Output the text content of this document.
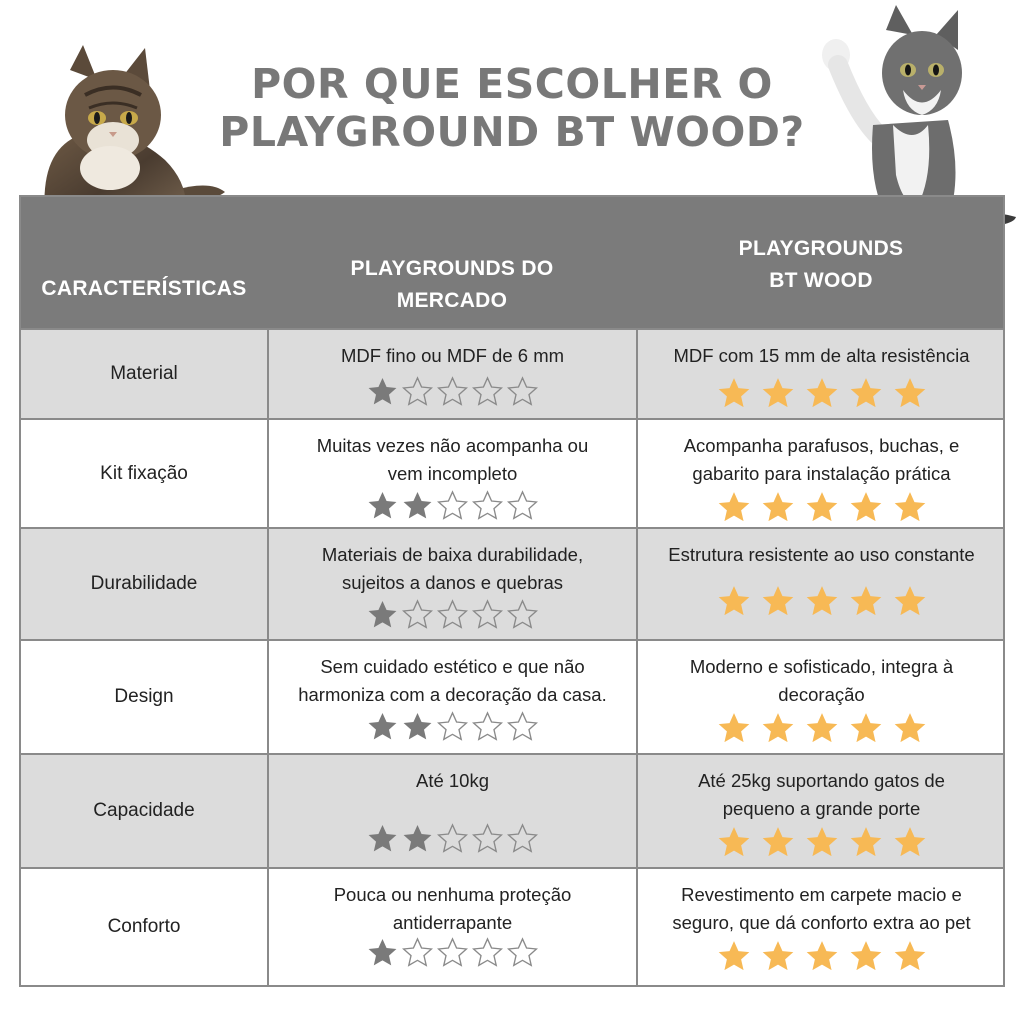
POR QUE ESCOLHER O
PLAYGROUND BT WOOD?
CARACTERÍSTICAS
PLAYGROUNDS DO
MERCADO
PLAYGROUNDS
BT WOOD
Material
MDF fino ou MDF de 6 mm	MDF com 15 mm de alta resistência
Kit fixação
Muitas vezes não acompanha ou
vem incompleto
Acompanha parafusos, buchas, e
gabarito para instalação prática
Durabilidade
Materiais de baixa durabilidade,
sujeitos a danos e quebras
Estrutura resistente ao uso constante
Design
Sem cuidado estético e que não
harmoniza com a decoração da casa.
Moderno e sofisticado, integra à
decoração
Capacidade
Até 10kg	Até 25kg suportando gatos de
pequeno a grande porte
Conforto
Pouca ou nenhuma proteção
antiderrapante
Revestimento em carpete macio e
seguro, que dá conforto extra ao pet
